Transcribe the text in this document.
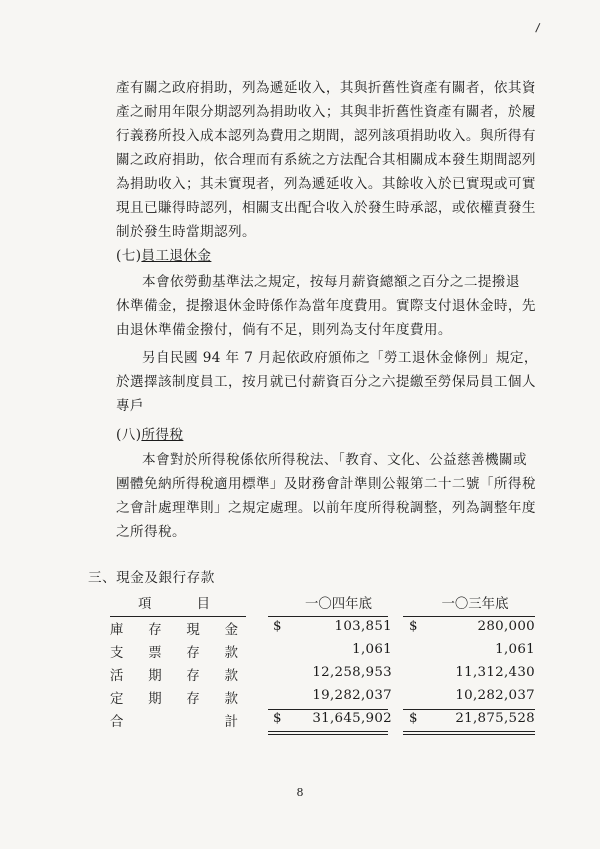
產有關之政府捐助，列為遞延收入，其與折舊性資產有關者，依其資
產之耐用年限分期認列為捐助收入；其與非折舊性資產有關者，於履
行義務所投入成本認列為費用之期間，認列該項捐助收入。與所得有
關之政府捐助，依合理而有系統之方法配合其相關成本發生期間認列
為捐助收入；其未實現者，列為遞延收入。其餘收入於已實現或可實
現且已賺得時認列，相關支出配合收入於發生時承認，或依權責發生
制於發生時當期認列。
(七)員工退休金
本會依勞動基準法之規定，按每月薪資總額之百分之二提撥退
休準備金，提撥退休金時係作為當年度費用。實際支付退休金時，先
由退休準備金撥付，倘有不足，則列為支付年度費用。
另自民國 94 年 7 月起依政府頒佈之「勞工退休金條例」規定，
於選擇該制度員工，按月就已付薪資百分之六提繳至勞保局員工個人
專戶
(八)所得稅
本會對於所得稅係依所得稅法、「教育、文化、公益慈善機關或
團體免納所得稅適用標準」及財務會計準則公報第二十二號「所得稅
之會計處理準則」之規定處理。以前年度所得稅調整，列為調整年度
之所得稅。
三、現金及銀行存款
項	目	一〇四年底	一〇三年底
庫 存 現 金	$	103,851 $	280,000
支 票 存 款	1,061	1,061
活 期 存 款	12,258,953	11,312,430
定 期 存 款	19,282,037	10,282,037
合	計	$ 31,645,902 $	21,875,528
8
